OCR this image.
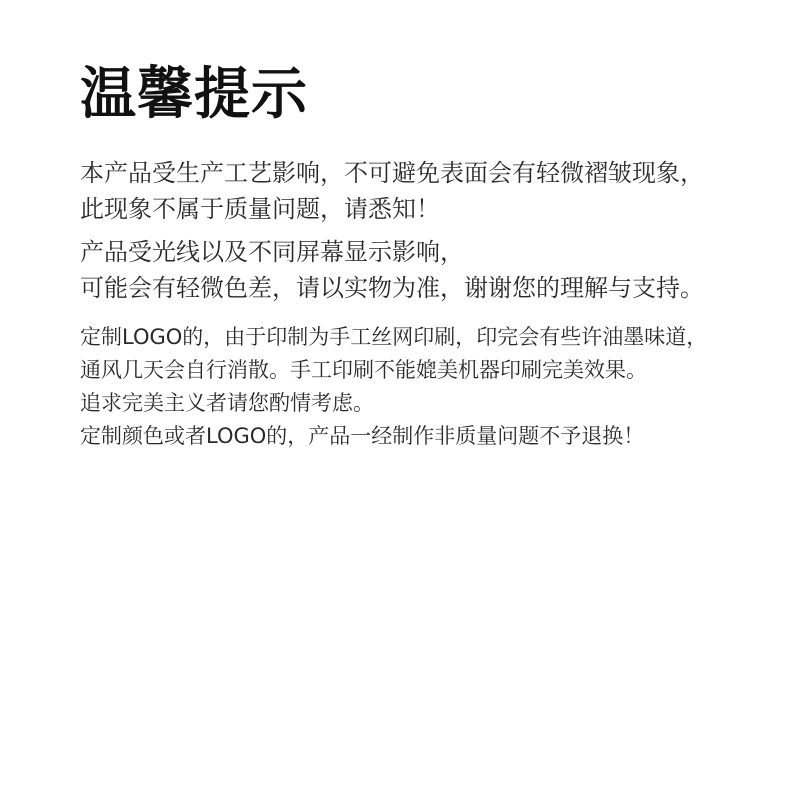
温馨提示

本产品受生产工艺影响，不可避免表面会有轻微褶皱现象，
此现象不属于质量问题，请悉知！

产品受光线以及不同屏幕显示影响，
可能会有轻微色差，请以实物为准，谢谢您的理解与支持。

定制LOGO的，由于印制为手工丝网印刷，印完会有些许油墨味道，
通风几天会自行消散。手工印刷不能媲美机器印刷完美效果。
追求完美主义者请您酌情考虑。
定制颜色或者LOGO的，产品一经制作非质量问题不予退换！
